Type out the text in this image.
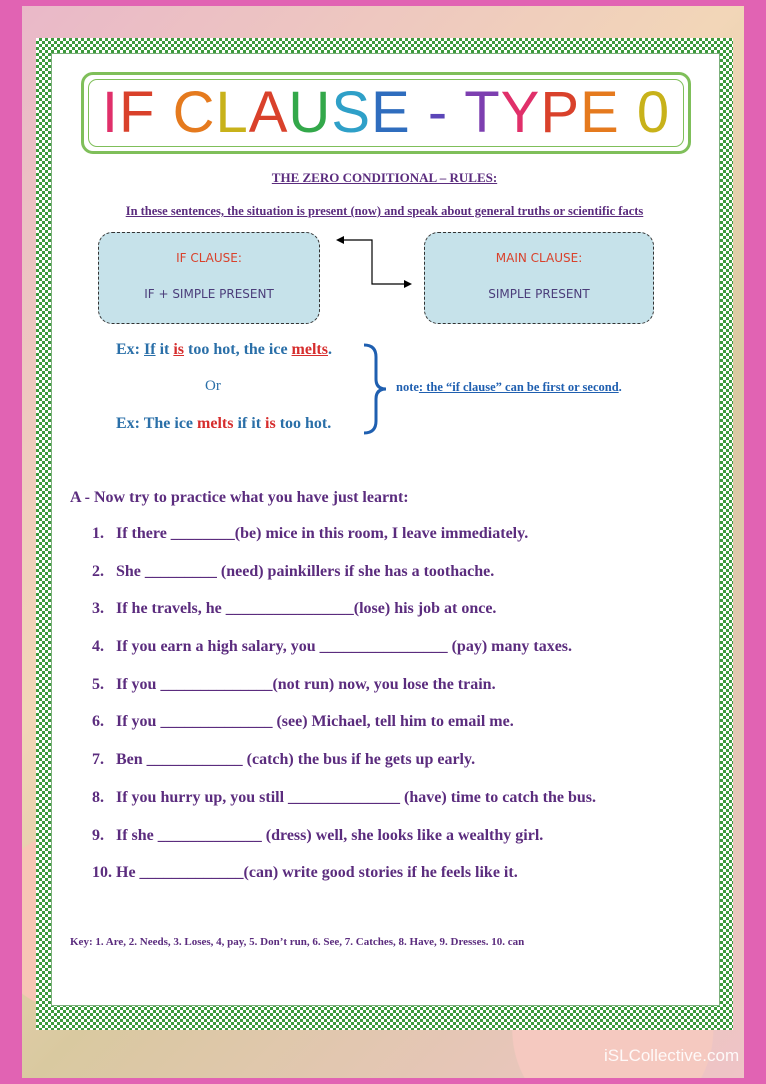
IF CLAUSE - TYPE 0
THE ZERO CONDITIONAL – RULES:
In these sentences, the situation is present (now) and speak about general truths or scientific facts
IF CLAUSE:
IF + SIMPLE PRESENT
MAIN CLAUSE:
SIMPLE PRESENT
Ex: If it is too hot, the ice melts.
Or
Ex: The ice melts if it is too hot.
note: the “if clause” can be first or second.
A - Now try to practice what you have just learnt:
1. If there ________(be) mice in this room, I leave immediately.
2. She _________ (need) painkillers if she has a toothache.
3. If he travels, he ________________(lose) his job at once.
4. If you earn a high salary, you ________________ (pay) many taxes.
5. If you ______________(not run) now, you lose the train.
6. If you ______________ (see) Michael, tell him to email me.
7. Ben ____________ (catch) the bus if he gets up early.
8. If you hurry up, you still ______________ (have) time to catch the bus.
9. If she _____________ (dress) well, she looks like a wealthy girl.
10. He _____________(can) write good stories if he feels like it.
Key: 1. Are, 2. Needs, 3. Loses, 4, pay, 5. Don’t run, 6. See, 7. Catches, 8. Have, 9. Dresses. 10. can
iSLCollective.com
